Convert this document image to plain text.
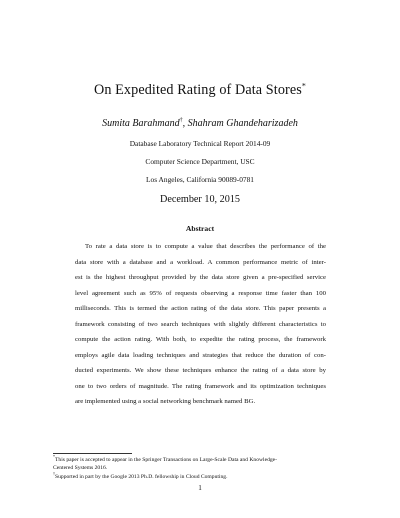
On Expedited Rating of Data Stores*
Sumita Barahmand†, Shahram Ghandeharizadeh
Database Laboratory Technical Report 2014-09
Computer Science Department, USC
Los Angeles, California 90089-0781
December 10, 2015
Abstract
To rate a data store is to compute a value that describes the performance of the
data store with a database and a workload. A common performance metric of inter-
est is the highest throughput provided by the data store given a pre-specified service
level agreement such as 95% of requests observing a response time faster than 100
milliseconds. This is termed the action rating of the data store. This paper presents a
framework consisting of two search techniques with slightly different characteristics to
compute the action rating. With both, to expedite the rating process, the framework
employs agile data loading techniques and strategies that reduce the duration of con-
ducted experiments. We show these techniques enhance the rating of a data store by
one to two orders of magnitude. The rating framework and its optimization techniques
are implemented using a social networking benchmark named BG.
*This paper is accepted to appear in the Springer Transactions on Large-Scale Data and Knowledge-
Centered Systems 2016.
†Supported in part by the Google 2013 Ph.D. fellowship in Cloud Computing.
1
